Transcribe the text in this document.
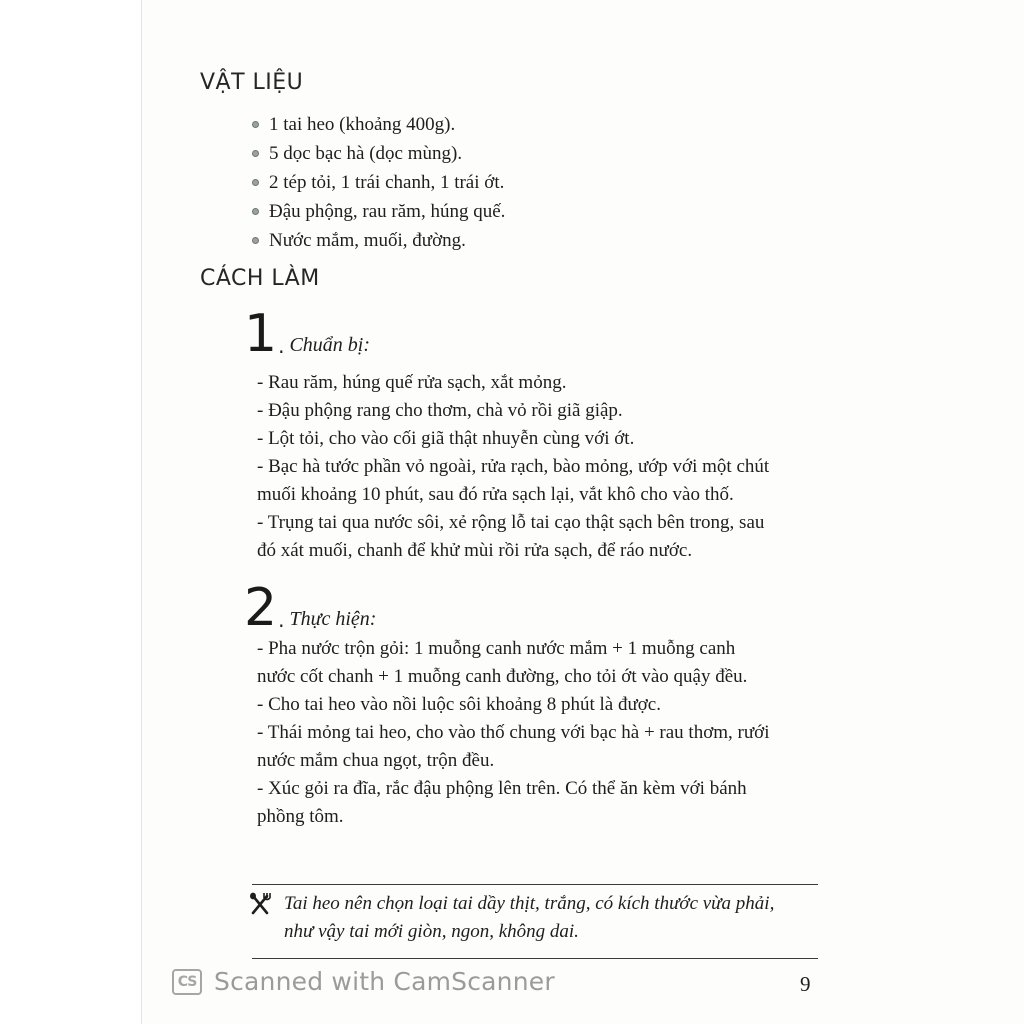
VẬT LIỆU
1 tai heo (khoảng 400g).
5 dọc bạc hà (dọc mùng).
2 tép tỏi, 1 trái chanh, 1 trái ớt.
Đậu phộng, rau răm, húng quế.
Nước mắm, muối, đường.
CÁCH LÀM
1 . Chuẩn bị:
- Rau răm, húng quế rửa sạch, xắt mỏng.
- Đậu phộng rang cho thơm, chà vỏ rồi giã giập.
- Lột tỏi, cho vào cối giã thật nhuyễn cùng với ớt.
- Bạc hà tước phần vỏ ngoài, rửa rạch, bào mỏng, ướp với một chút
muối khoảng 10 phút, sau đó rửa sạch lại, vắt khô cho vào thố.
- Trụng tai qua nước sôi, xẻ rộng lỗ tai cạo thật sạch bên trong, sau
đó xát muối, chanh để khử mùi rồi rửa sạch, để ráo nước.
2 . Thực hiện:
- Pha nước trộn gỏi: 1 muỗng canh nước mắm + 1 muỗng canh
nước cốt chanh + 1 muỗng canh đường, cho tỏi ớt vào quậy đều.
- Cho tai heo vào nồi luộc sôi khoảng 8 phút là được.
- Thái mỏng tai heo, cho vào thố chung với bạc hà + rau thơm, rưới
nước mắm chua ngọt, trộn đều.
- Xúc gỏi ra đĩa, rắc đậu phộng lên trên. Có thể ăn kèm với bánh
phồng tôm.
Tai heo nên chọn loại tai dầy thịt, trắng, có kích thước vừa phải,
như vậy tai mới giòn, ngon, không dai.
CS Scanned with CamScanner	9
